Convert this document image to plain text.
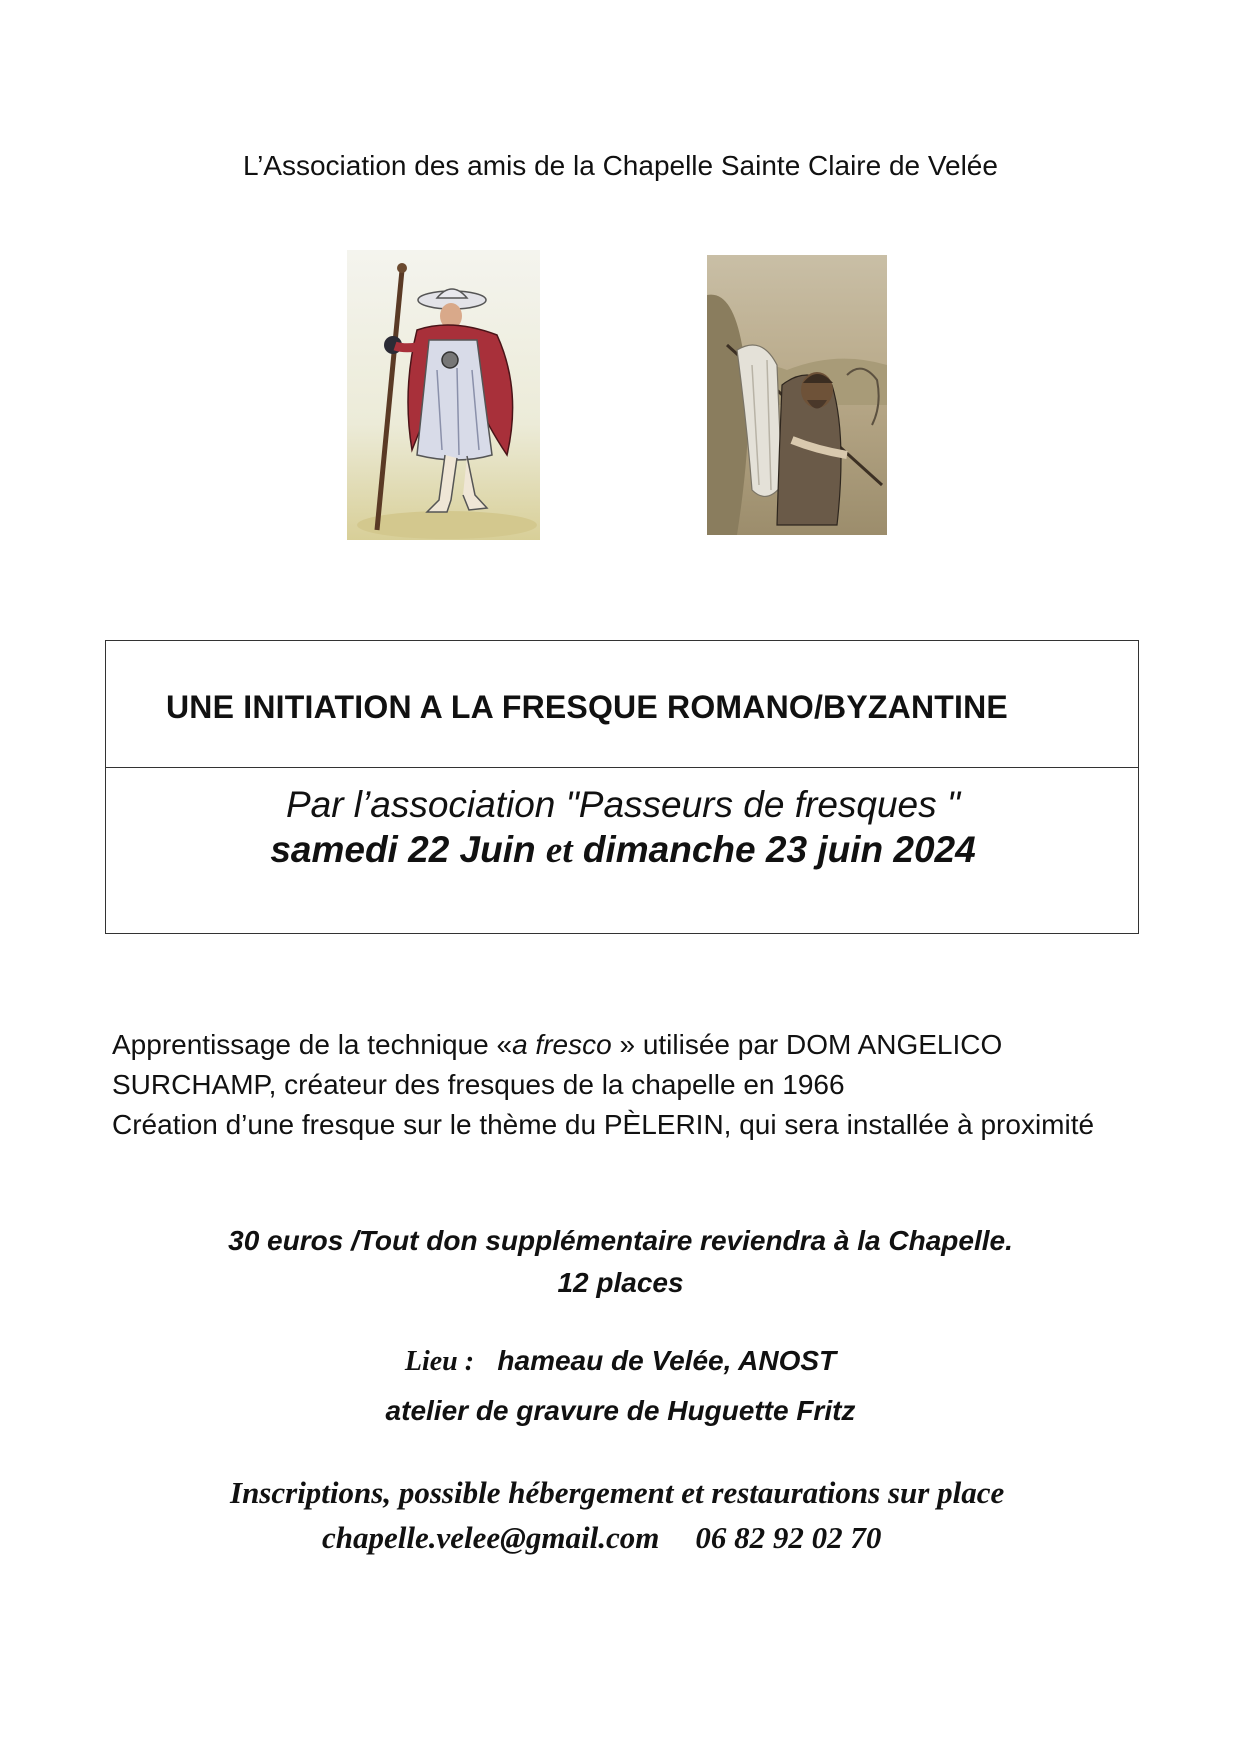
L’Association des amis de la Chapelle Sainte Claire de Velée
UNE INITIATION A LA FRESQUE ROMANO/BYZANTINE
Par l’association "Passeurs de fresques "
samedi 22 Juin et dimanche 23 juin 2024

Apprentissage de la technique «a fresco » utilisée par DOM ANGELICO SURCHAMP, créateur des fresques de la chapelle en 1966

Création d’une fresque sur le thème du PÈLERIN, qui sera installée à proximité

30 euros /Tout don supplémentaire reviendra à la Chapelle.
12 places
Lieu :   hameau de Velée, ANOST
atelier de gravure de Huguette Fritz
Inscriptions, possible hébergement et restaurations sur place
chapelle.velee@gmail.com 06 82 92 02 70
